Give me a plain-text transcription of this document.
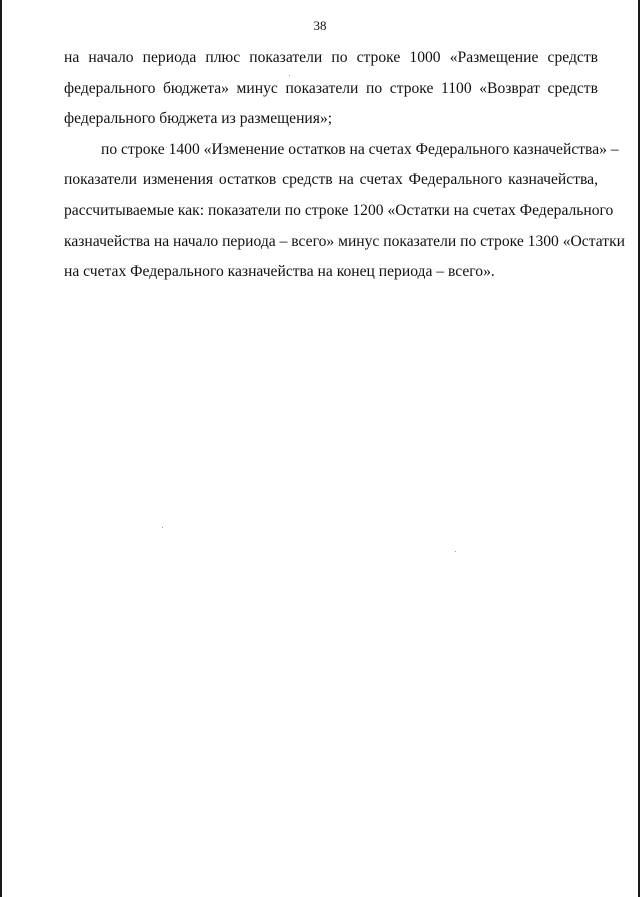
38

на начало периода плюс показатели по строке 1000 «Размещение средств
федерального бюджета» минус показатели по строке 1100 «Возврат средств
федерального бюджета из размещения»;

по строке 1400 «Изменение остатков на счетах Федерального казначейства» –
показатели изменения остатков средств на счетах Федерального казначейства,
рассчитываемые как: показатели по строке 1200 «Остатки на счетах Федерального
казначейства на начало периода – всего» минус показатели по строке 1300 «Остатки
на счетах Федерального казначейства на конец периода – всего».
